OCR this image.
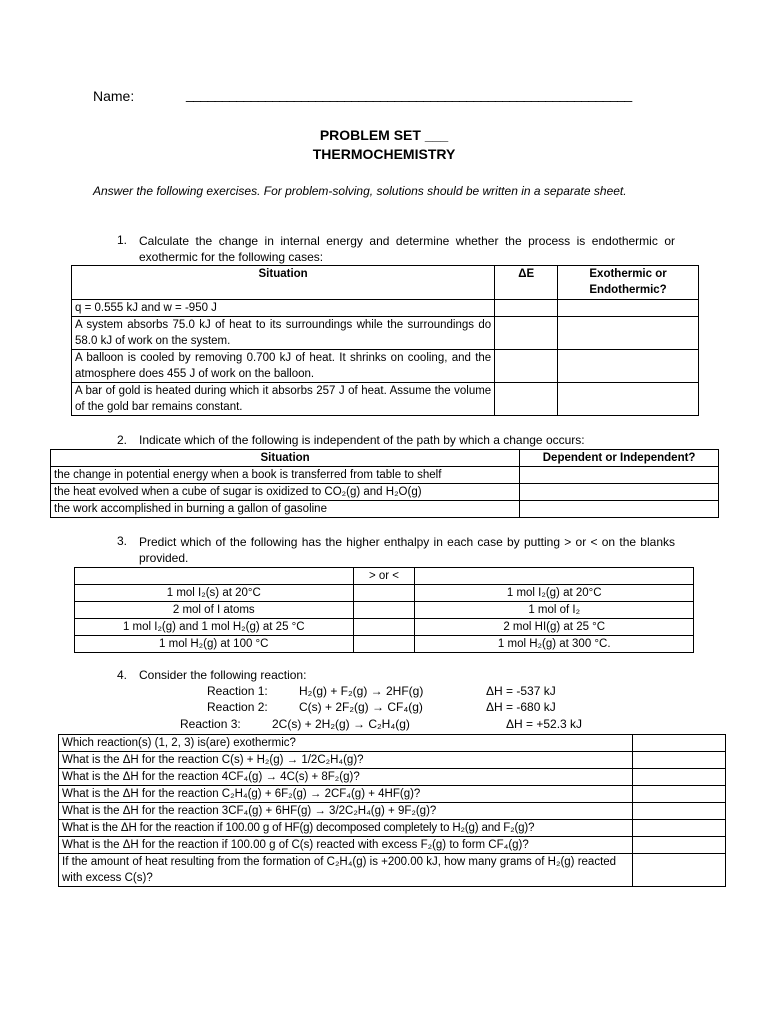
Name:	______________________________________________________________
PROBLEM SET ___
THERMOCHEMISTRY
Answer the following exercises. For problem-solving, solutions should be written in a separate sheet.
1. Calculate the change in internal energy and determine whether the process is endothermic or exothermic for the following cases:
Situation	ΔE	Exothermic or Endothermic?
q = 0.555 kJ and w = -950 J		
A system absorbs 75.0 kJ of heat to its surroundings while the surroundings do 58.0 kJ of work on the system.		
A balloon is cooled by removing 0.700 kJ of heat. It shrinks on cooling, and the atmosphere does 455 J of work on the balloon.		
A bar of gold is heated during which it absorbs 257 J of heat. Assume the volume of the gold bar remains constant.		
2. Indicate which of the following is independent of the path by which a change occurs:
Situation	Dependent or Independent?
the change in potential energy when a book is transferred from table to shelf	
the heat evolved when a cube of sugar is oxidized to CO₂(g) and H₂O(g)	
the work accomplished in burning a gallon of gasoline	
3. Predict which of the following has the higher enthalpy in each case by putting > or < on the blanks provided.
	> or <	
1 mol I₂(s) at 20°C		1 mol I₂(g) at 20°C
2 mol of I atoms		1 mol of I₂
1 mol I₂(g) and 1 mol H₂(g) at 25 °C		2 mol HI(g) at 25 °C
1 mol H₂(g) at 100 °C		1 mol H₂(g) at 300 °C.
4. Consider the following reaction:
Reaction 1:	H₂(g) + F₂(g) → 2HF(g)	ΔH = -537 kJ
Reaction 2:	C(s) + 2F₂(g) → CF₄(g)	ΔH = -680 kJ
Reaction 3:	2C(s) + 2H₂(g) → C₂H₄(g)	ΔH = +52.3 kJ
Which reaction(s) (1, 2, 3) is(are) exothermic?	
What is the ΔH for the reaction C(s) + H₂(g) → 1/2C₂H₄(g)?	
What is the ΔH for the reaction 4CF₄(g) → 4C(s) + 8F₂(g)?	
What is the ΔH for the reaction C₂H₄(g) + 6F₂(g) → 2CF₄(g) + 4HF(g)?	
What is the ΔH for the reaction 3CF₄(g) + 6HF(g) → 3/2C₂H₄(g) + 9F₂(g)?	
What is the ΔH for the reaction if 100.00 g of HF(g) decomposed completely to H₂(g) and F₂(g)?	
What is the ΔH for the reaction if 100.00 g of C(s) reacted with excess F₂(g) to form CF₄(g)?	
If the amount of heat resulting from the formation of C₂H₄(g) is +200.00 kJ, how many grams of H₂(g) reacted with excess C(s)?	
